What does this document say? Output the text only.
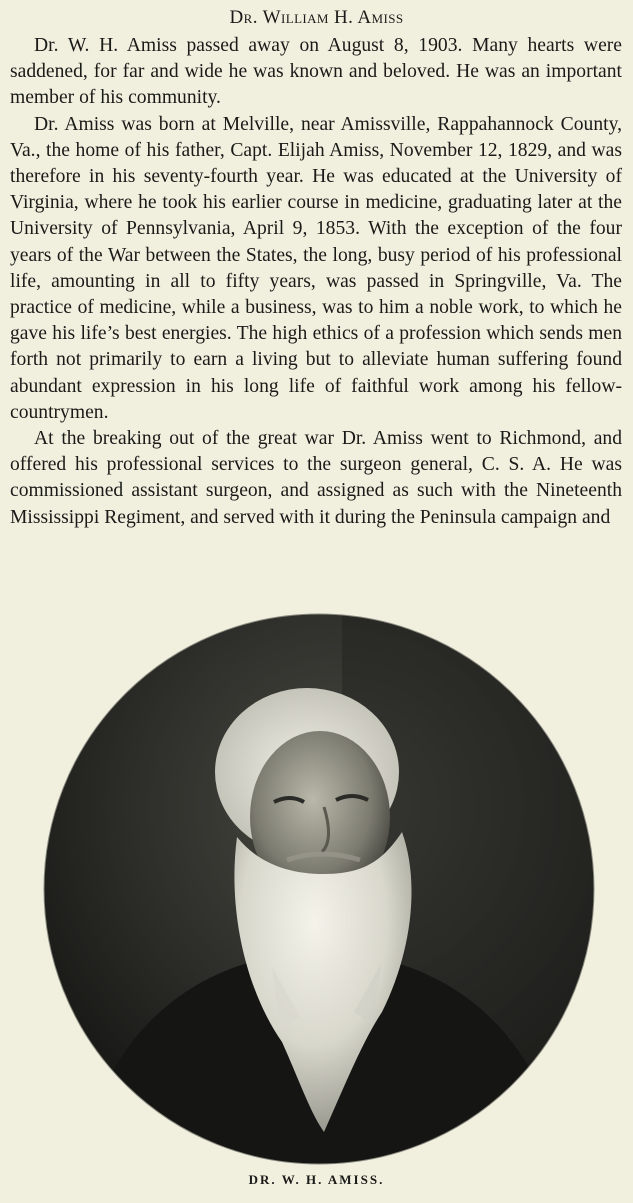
Dr. William H. Amiss

Dr. W. H. Amiss passed away on August 8, 1903. Many hearts were saddened, for far and wide he was known and beloved. He was an important member of his community.

Dr. Amiss was born at Melville, near Amissville, Rappahannock County, Va., the home of his father, Capt. Elijah Amiss, November 12, 1829, and was therefore in his seventy-fourth year. He was educated at the University of Virginia, where he took his earlier course in medicine, graduating later at the University of Pennsylvania, April 9, 1853. With the exception of the four years of the War between the States, the long, busy period of his professional life, amounting in all to fifty years, was passed in Springville, Va. The practice of medicine, while a business, was to him a noble work, to which he gave his life’s best energies. The high ethics of a profession which sends men forth not primarily to earn a living but to alleviate human suffering found abundant expression in his long life of faithful work among his fellow-countrymen.

At the breaking out of the great war Dr. Amiss went to Richmond, and offered his professional services to the surgeon general, C. S. A. He was commissioned assistant surgeon, and assigned as such with the Nineteenth Mississippi Regiment, and served with it during the Peninsula campaign and

DR. W. H. AMISS.
